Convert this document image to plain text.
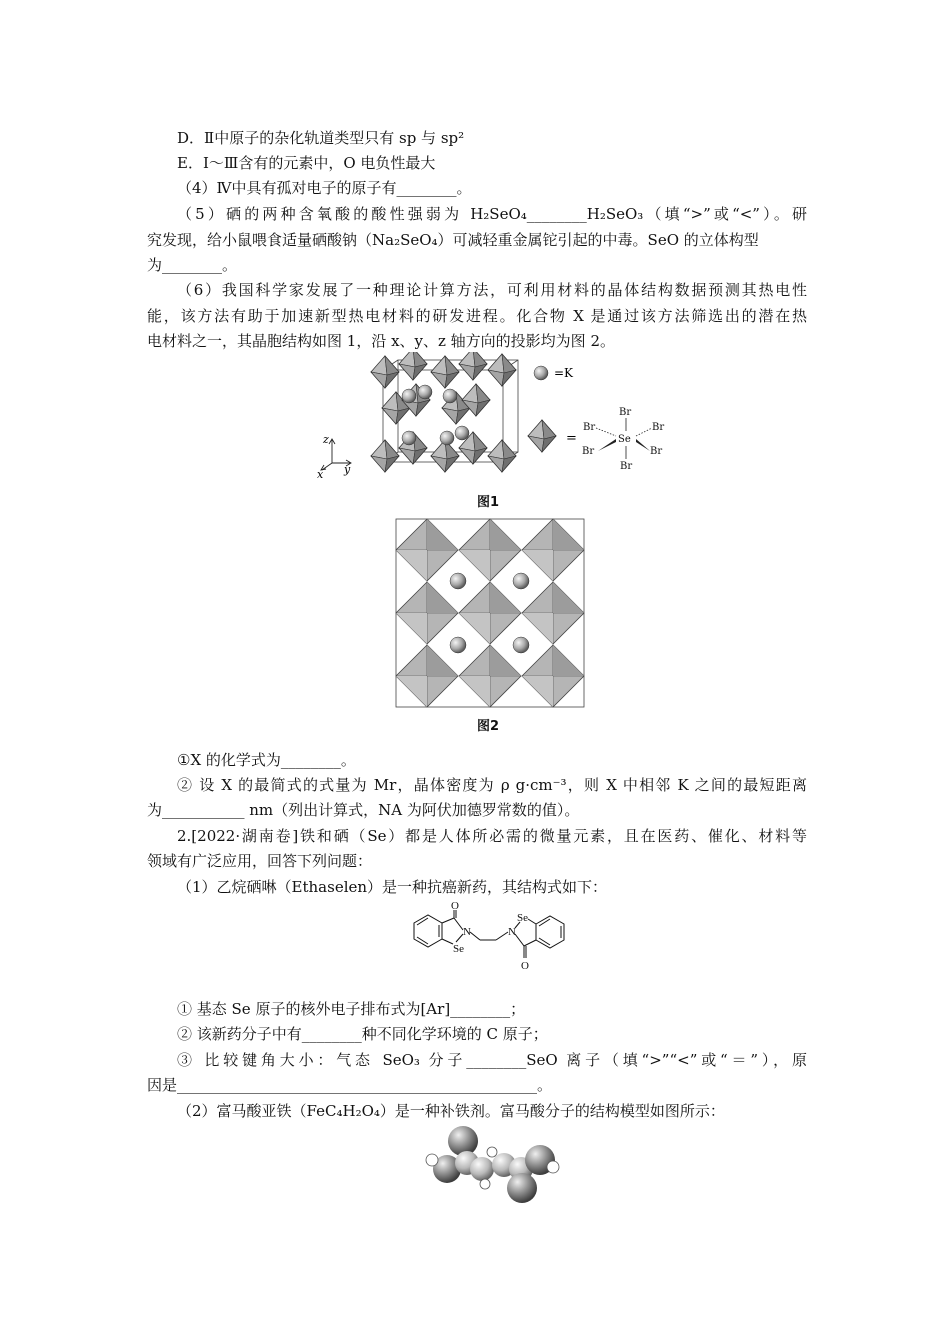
D．Ⅱ中原子的杂化轨道类型只有 sp 与 sp²
E．Ⅰ～Ⅲ含有的元素中，O 电负性最大
（4）Ⅳ中具有孤对电子的原子有________。
（5）硒的两种含氧酸的酸性强弱为 H₂SeO₄________H₂SeO₃（填“>”或“<”）。研
究发现，给小鼠喂食适量硒酸钠（Na₂SeO₄）可减轻重金属铊引起的中毒。SeO 的立体构型
为________。
（6）我国科学家发展了一种理论计算方法，可利用材料的晶体结构数据预测其热电性
能，该方法有助于加速新型热电材料的研发进程。化合物 X 是通过该方法筛选出的潜在热
电材料之一，其晶胞结构如图 1，沿 x、y、z 轴方向的投影均为图 2。
z
y
x
=K
=
Br
Br	Br
Se
Br	Br
Br
图1
图2
①X 的化学式为________。
② 设 X 的最简式的式量为 Mr，晶体密度为 ρ g·cm⁻³，则 X 中相邻 K 之间的最短距离
为___________ nm（列出计算式，NA 为阿伏加德罗常数的值）。
2.[2022·湖南卷]铁和硒（Se）都是人体所必需的微量元素，且在医药、催化、材料等
领域有广泛应用，回答下列问题：
（1）乙烷硒啉（Ethaselen）是一种抗癌新药，其结构式如下：
O
N
Se
N
Se
O
① 基态 Se 原子的核外电子排布式为[Ar]________；
② 该新药分子中有________种不同化学环境的 C 原子；
③ 比较键角大小：气态 SeO₃ 分子________SeO 离子（填“>”“<”或“＝”），原
因是________________________________________________。
（2）富马酸亚铁（FeC₄H₂O₄）是一种补铁剂。富马酸分子的结构模型如图所示：
